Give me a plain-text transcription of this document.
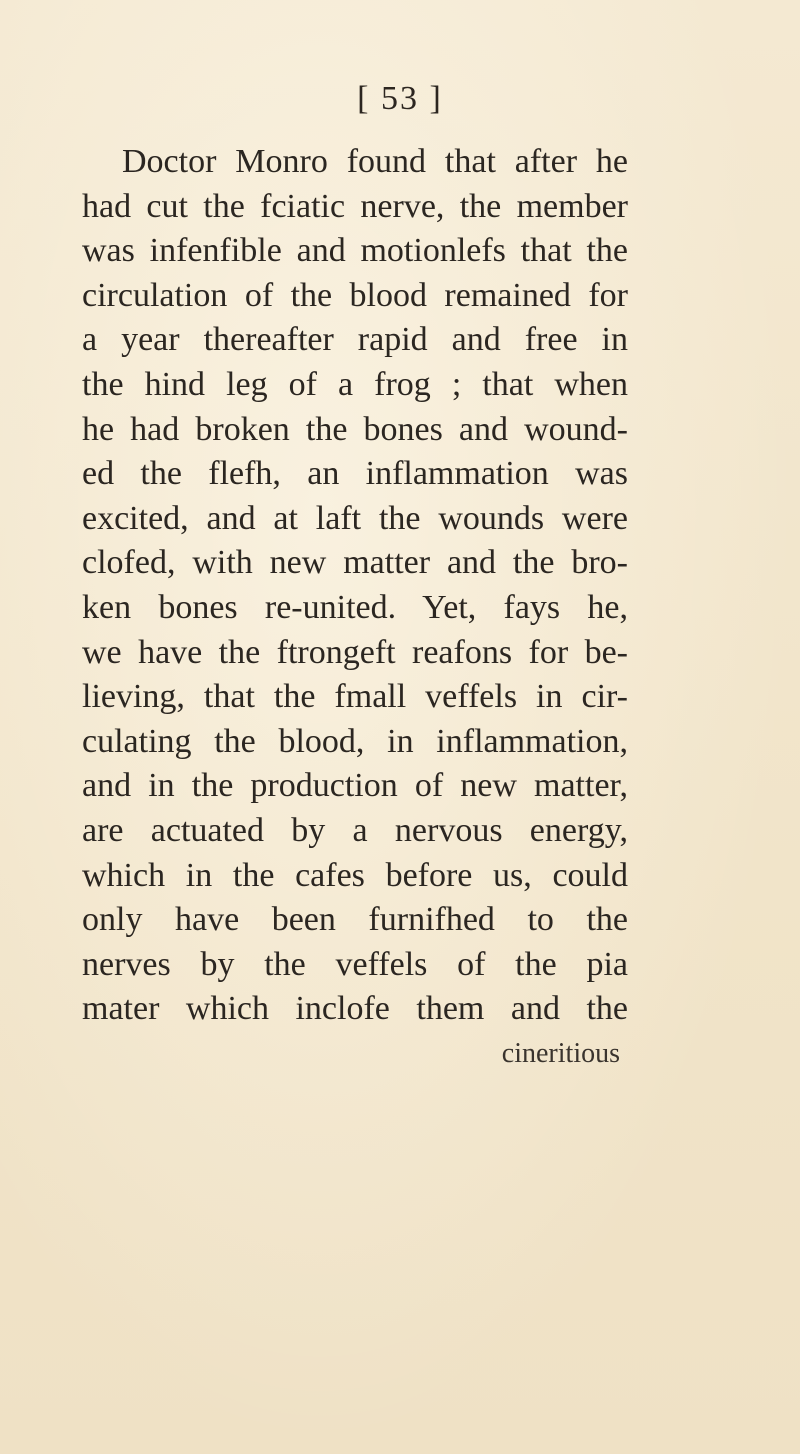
[ 53 ]
Doctor Monro found that after he
had cut the fciatic nerve, the member
was infenfible and motionlefs that the
circulation of the blood remained for
a year thereafter rapid and free in
the hind leg of a frog ; that when
he had broken the bones and wound-
ed the flefh, an inflammation was
excited, and at laft the wounds were
clofed, with new matter and the bro-
ken bones re-united. Yet, fays he,
we have the ftrongeft reafons for be-
lieving, that the fmall veffels in cir-
culating the blood, in inflammation,
and in the production of new matter,
are actuated by a nervous energy,
which in the cafes before us, could
only have been furnifhed to the
nerves by the veffels of the pia
mater which inclofe them and the
cineritious
